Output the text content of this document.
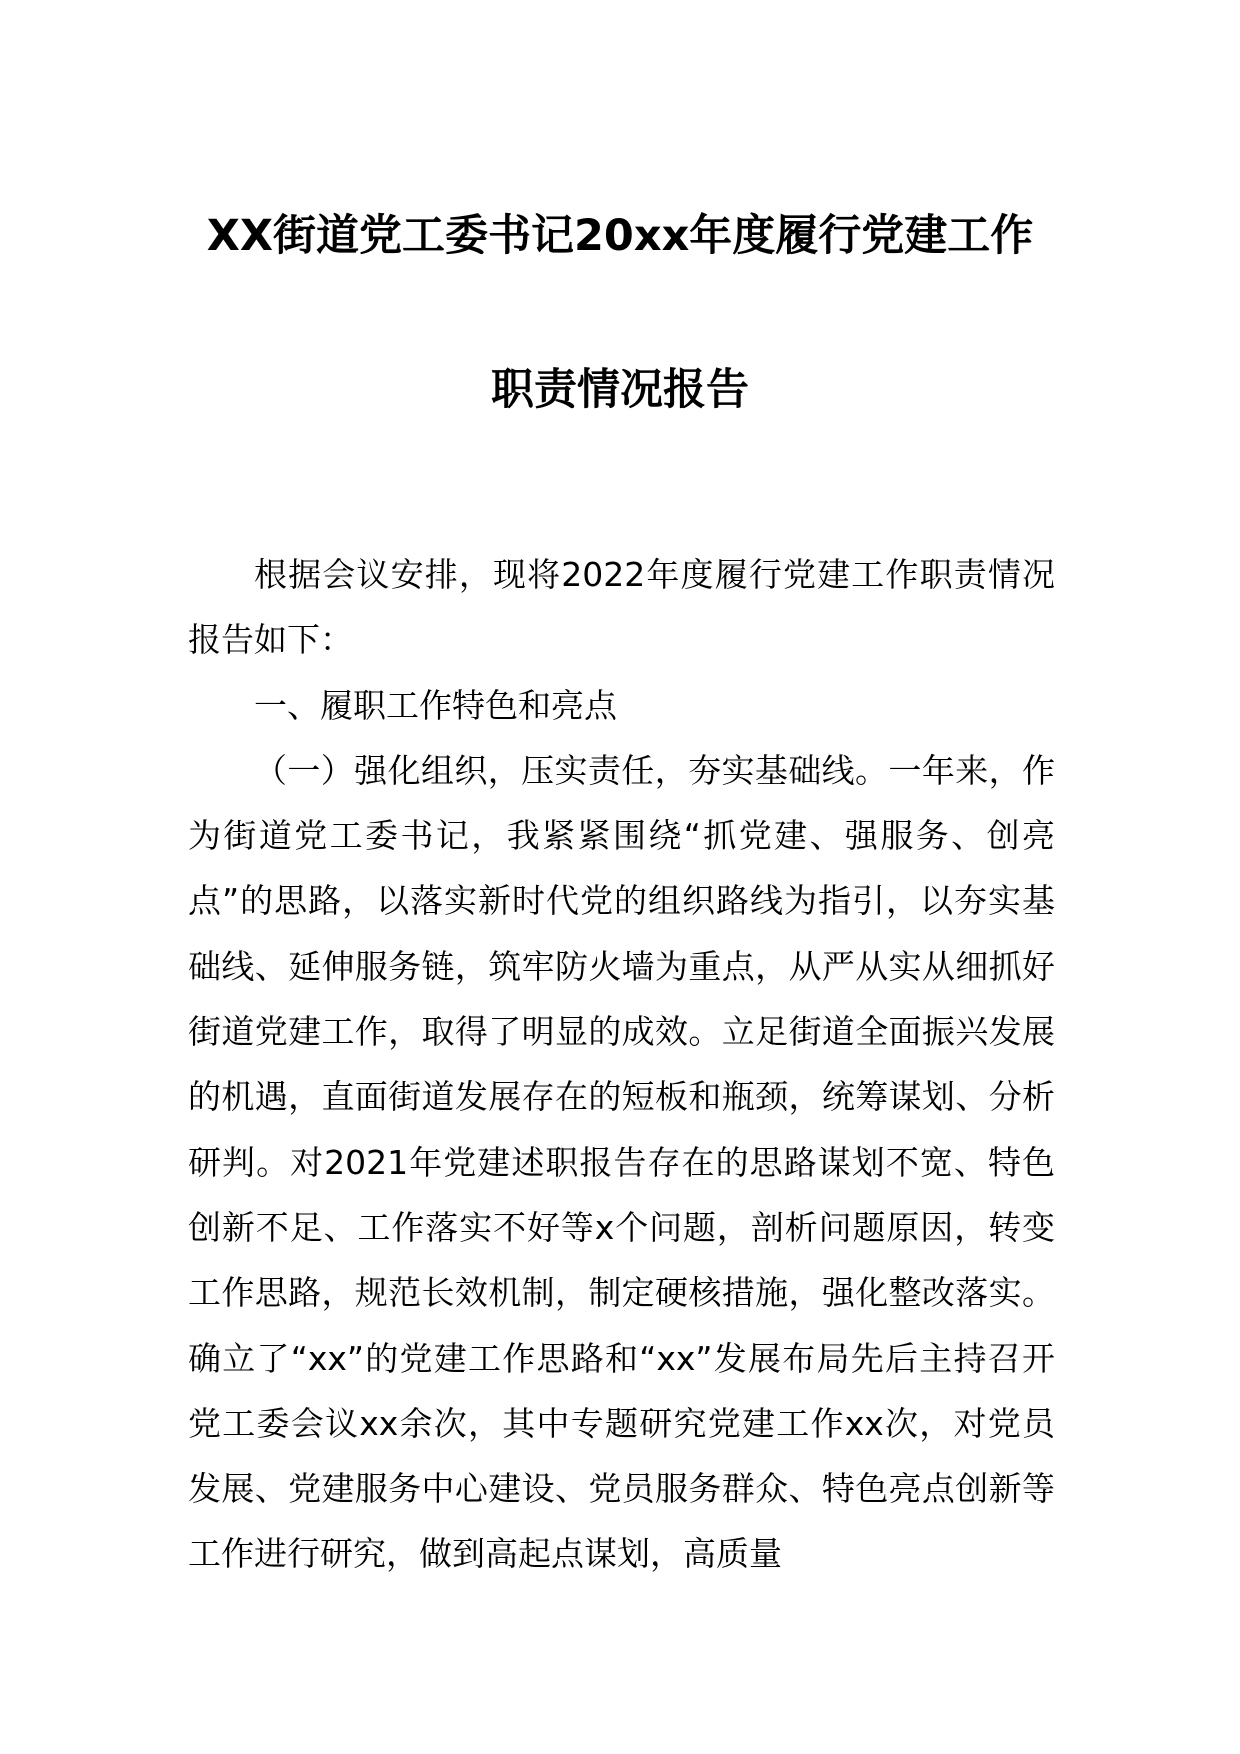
XX街道党工委书记20xx年度履行党建工作
职责情况报告

根据会议安排，现将2022年度履行党建工作职责情况报告如下：

一、履职工作特色和亮点

（一）强化组织，压实责任，夯实基础线。一年来，作为街道党工委书记，我紧紧围绕“抓党建、强服务、创亮点”的思路，以落实新时代党的组织路线为指引，以夯实基础线、延伸服务链，筑牢防火墙为重点，从严从实从细抓好街道党建工作，取得了明显的成效。立足街道全面振兴发展的机遇，直面街道发展存在的短板和瓶颈，统筹谋划、分析研判。对2021年党建述职报告存在的思路谋划不宽、特色创新不足、工作落实不好等x个问题，剖析问题原因，转变工作思路，规范长效机制，制定硬核措施，强化整改落实。确立了“xx”的党建工作思路和“xx”发展布局先后主持召开党工委会议xx余次，其中专题研究党建工作xx次，对党员发展、党建服务中心建设、党员服务群众、特色亮点创新等工作进行研究，做到高起点谋划，高质量
